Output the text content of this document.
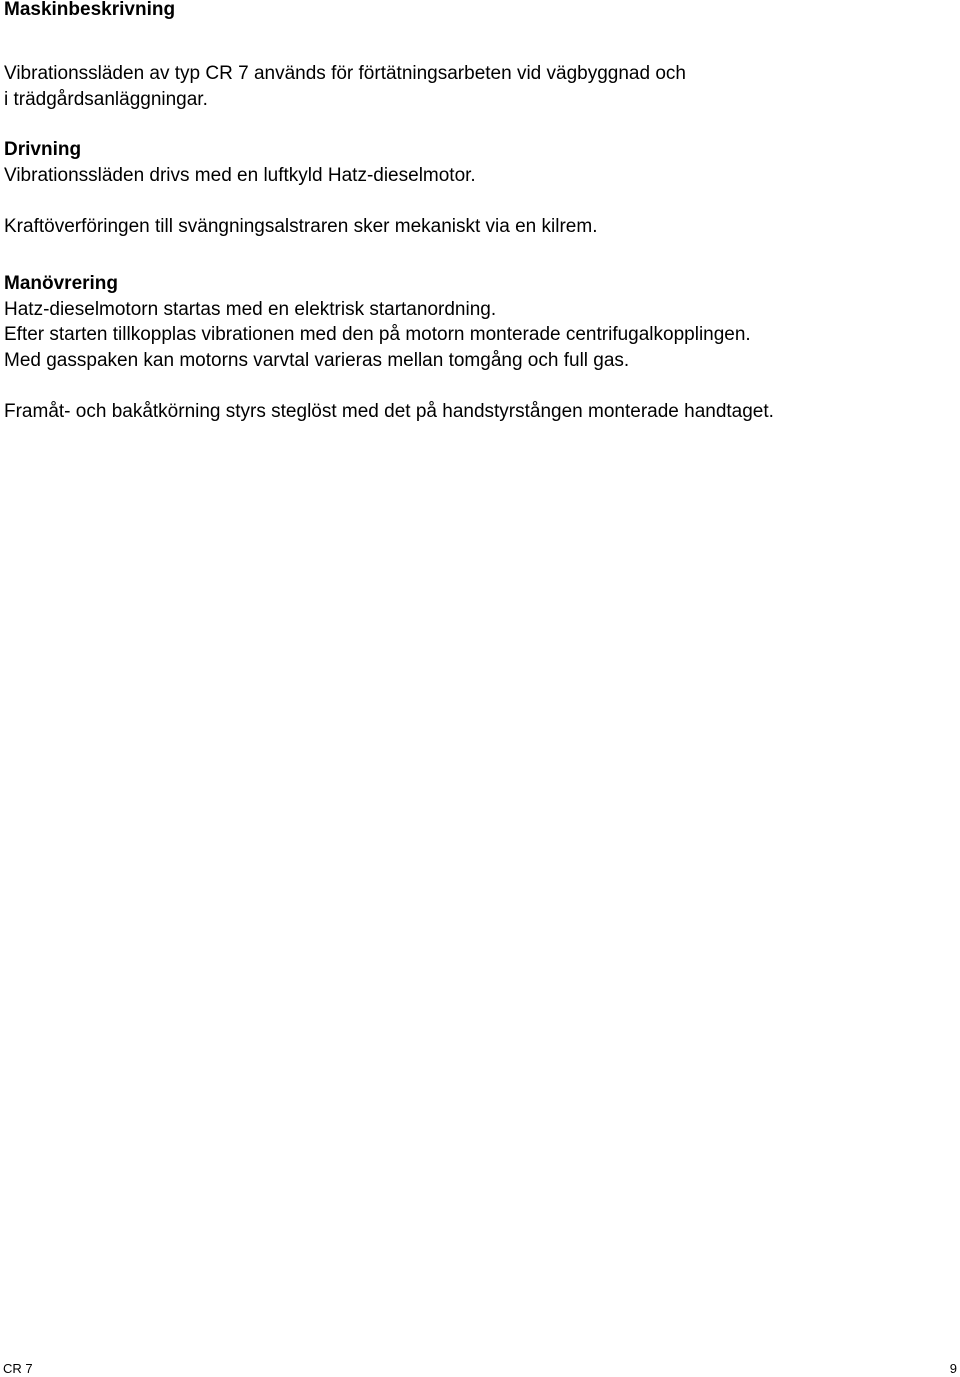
Maskinbeskrivning

Vibrationssläden av typ CR 7 används för förtätningsarbeten vid vägbyggnad och
i trädgårdsanläggningar.

Drivning
Vibrationssläden drivs med en luftkyld Hatz-dieselmotor.

Kraftöverföringen till svängningsalstraren sker mekaniskt via en kilrem.

Manövrering
Hatz-dieselmotorn startas med en elektrisk startanordning.
Efter starten tillkopplas vibrationen med den på motorn monterade centrifugalkopplingen.
Med gasspaken kan motorns varvtal varieras mellan tomgång och full gas.

Framåt- och bakåtkörning styrs steglöst med det på handstyrstången monterade handtaget.

CR 7	9
